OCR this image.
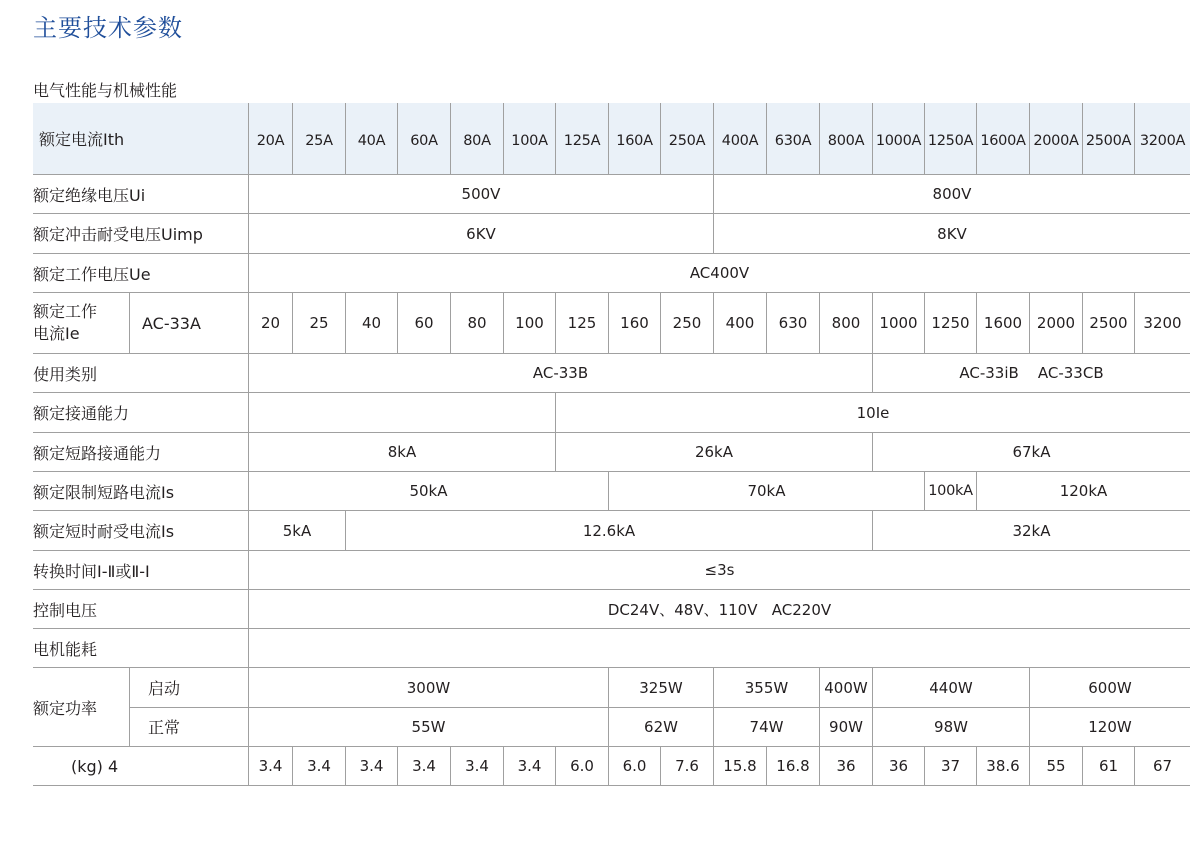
主要技术参数
电气性能与机械性能
额定电流Ith	20A	25A	40A	60A	80A	100A	125A	160A	250A	400A	630A	800A 1000A 1250A 1600A 2000A 2500A 3200A
额定绝缘电压Ui	500V	800V
额定冲击耐受电压Uimp	6KV	8KV
额定工作电压Ue	AC400V
额定工作
电流Ie
AC-33A	20	25	40	60	80	100	125	160	250	400	630	800	1000 1250 1600 2000 2500	3200
使用类别	AC-33B	AC-33iB    AC-33CB
额定接通能力	10Ie
额定短路接通能力	8kA	26kA	67kA
额定限制短路电流Is	50kA	70kA	100kA	120kA
额定短时耐受电流Is	5kA	12.6kA	32kA
转换时间Ⅰ-Ⅱ或Ⅱ-Ⅰ	≤3s
控制电压	DC24V、48V、110V   AC220V
电机能耗
额定功率
启动	300W	325W	355W	400W	440W	600W
正常	55W	62W	74W	90W	98W	120W
(kg) 4	3.4	3.4	3.4	3.4	3.4	3.4	6.0	6.0	7.6	15.8	16.8	36	36	37	38.6	55	61	67
